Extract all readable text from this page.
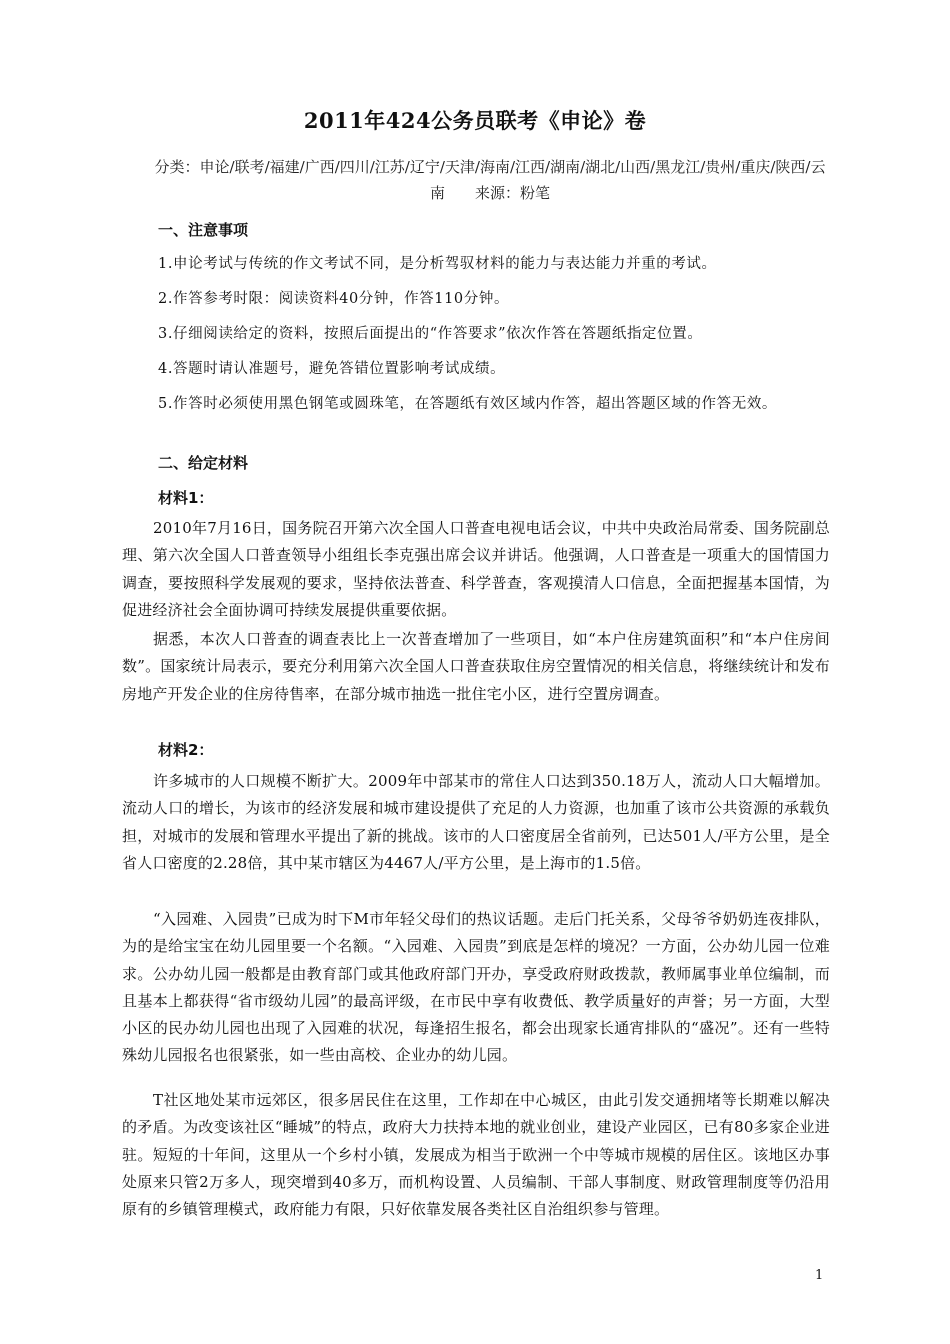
2011年424公务员联考《申论》卷
分类：申论/联考/福建/广西/四川/江苏/辽宁/天津/海南/江西/湖南/湖北/山西/黑龙江/贵州/重庆/陕西/云南　　来源：粉笔
一、注意事项
1.申论考试与传统的作文考试不同，是分析驾驭材料的能力与表达能力并重的考试。
2.作答参考时限：阅读资料40分钟，作答110分钟。
3.仔细阅读给定的资料，按照后面提出的“作答要求”依次作答在答题纸指定位置。
4.答题时请认准题号，避免答错位置影响考试成绩。
5.作答时必须使用黑色钢笔或圆珠笔，在答题纸有效区域内作答，超出答题区域的作答无效。
二、给定材料
材料1：
2010年7月16日，国务院召开第六次全国人口普查电视电话会议，中共中央政治局常委、国务院副总理、第六次全国人口普查领导小组组长李克强出席会议并讲话。他强调，人口普查是一项重大的国情国力调查，要按照科学发展观的要求，坚持依法普查、科学普查，客观摸清人口信息，全面把握基本国情，为促进经济社会全面协调可持续发展提供重要依据。
据悉，本次人口普查的调查表比上一次普查增加了一些项目，如“本户住房建筑面积”和“本户住房间数”。国家统计局表示，要充分利用第六次全国人口普查获取住房空置情况的相关信息，将继续统计和发布房地产开发企业的住房待售率，在部分城市抽选一批住宅小区，进行空置房调查。
材料2：
许多城市的人口规模不断扩大。2009年中部某市的常住人口达到350.18万人，流动人口大幅增加。流动人口的增长，为该市的经济发展和城市建设提供了充足的人力资源，也加重了该市公共资源的承载负担，对城市的发展和管理水平提出了新的挑战。该市的人口密度居全省前列，已达501人/平方公里，是全省人口密度的2.28倍，其中某市辖区为4467人/平方公里，是上海市的1.5倍。
“入园难、入园贵”已成为时下M市年轻父母们的热议话题。走后门托关系，父母爷爷奶奶连夜排队，为的是给宝宝在幼儿园里要一个名额。“入园难、入园贵”到底是怎样的境况？一方面，公办幼儿园一位难求。公办幼儿园一般都是由教育部门或其他政府部门开办，享受政府财政拨款，教师属事业单位编制，而且基本上都获得“省市级幼儿园”的最高评级，在市民中享有收费低、教学质量好的声誉；另一方面，大型小区的民办幼儿园也出现了入园难的状况，每逢招生报名，都会出现家长通宵排队的“盛况”。还有一些特殊幼儿园报名也很紧张，如一些由高校、企业办的幼儿园。
T社区地处某市远郊区，很多居民住在这里，工作却在中心城区，由此引发交通拥堵等长期难以解决的矛盾。为改变该社区“睡城”的特点，政府大力扶持本地的就业创业，建设产业园区，已有80多家企业进驻。短短的十年间，这里从一个乡村小镇，发展成为相当于欧洲一个中等城市规模的居住区。该地区办事处原来只管2万多人，现突增到40多万，而机构设置、人员编制、干部人事制度、财政管理制度等仍沿用原有的乡镇管理模式，政府能力有限，只好依靠发展各类社区自治组织参与管理。
1
